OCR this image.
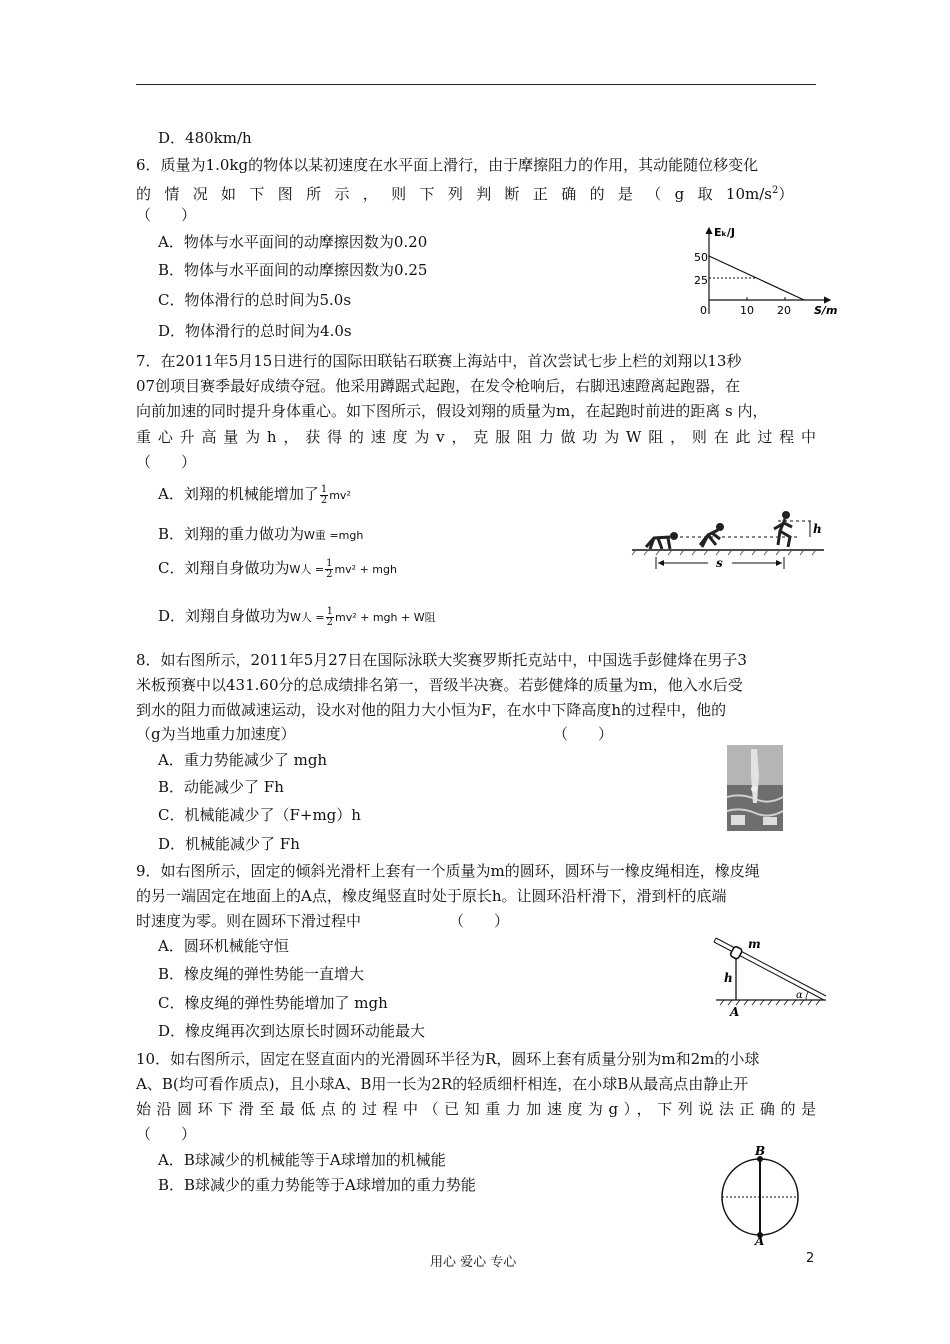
D．480km/h
6．质量为1.0kg的物体以某初速度在水平面上滑行，由于摩擦阻力的作用，其动能随位移变化
的情况如下图所示，则下列判断正确的是（g取$10m/s^2$）
（　　）
A．物体与水平面间的动摩擦因数为0.20
B．物体与水平面间的动摩擦因数为0.25
C．物体滑行的总时间为5.0s
D．物体滑行的总时间为4.0s
Eₖ/J
S/m
0
50
25
10 20
7．在2011年5月15日进行的国际田联钻石联赛上海站中，首次尝试七步上栏的刘翔以13秒
07创项目赛季最好成绩夺冠。他采用蹲踞式起跑，在发令枪响后，右脚迅速蹬离起跑器，在
向前加速的同时提升身体重心。如下图所示，假设刘翔的质量为m，在起跑时前进的距离 s 内，
重心升高量为h，获得的速度为v，克服阻力做功为W阻，则在此过程中
（　　）
A．刘翔的机械能增加了 $\frac{1}{2} mv^2$
B．刘翔的重力做功为W重 =mgh
C．刘翔自身做功为W人 = $\frac{1}{2} mv^2$ + mgh
D．刘翔自身做功为W人 = $\frac{1}{2} mv^2$ + mgh + W阻
h
s
8．如右图所示，2011年5月27日在国际泳联大奖赛罗斯托克站中，中国选手彭健烽在男子3
米板预赛中以431.60分的总成绩排名第一，晋级半决赛。若彭健烽的质量为m，他入水后受
到水的阻力而做减速运动，设水对他的阻力大小恒为F，在水中下降高度h的过程中，他的
（g为当地重力加速度）	（　　）
A．重力势能减少了 mgh
B．动能减少了 Fh
C．机械能减少了（F+mg）h
D．机械能减少了 Fh
9．如右图所示，固定的倾斜光滑杆上套有一个质量为m的圆环，圆环与一橡皮绳相连，橡皮绳
的另一端固定在地面上的A点，橡皮绳竖直时处于原长h。让圆环沿杆滑下，滑到杆的底端
时速度为零。则在圆环下滑过程中	（　　）
A．圆环机械能守恒
B．橡皮绳的弹性势能一直增大
C．橡皮绳的弹性势能增加了 mgh
D．橡皮绳再次到达原长时圆环动能最大
m
h
A
α
10．如右图所示，固定在竖直面内的光滑圆环半径为R，圆环上套有质量分别为m和2m的小球
A、B(均可看作质点)，且小球A、B用一长为2R的轻质细杆相连，在小球B从最高点由静止开
始沿圆环下滑至最低点的过程中（已知重力加速度为g），下列说法正确的是
（　　）
A．B球减少的机械能等于A球增加的机械能
B．B球减少的重力势能等于A球增加的重力势能
B
A
用心 爱心 专心	2
